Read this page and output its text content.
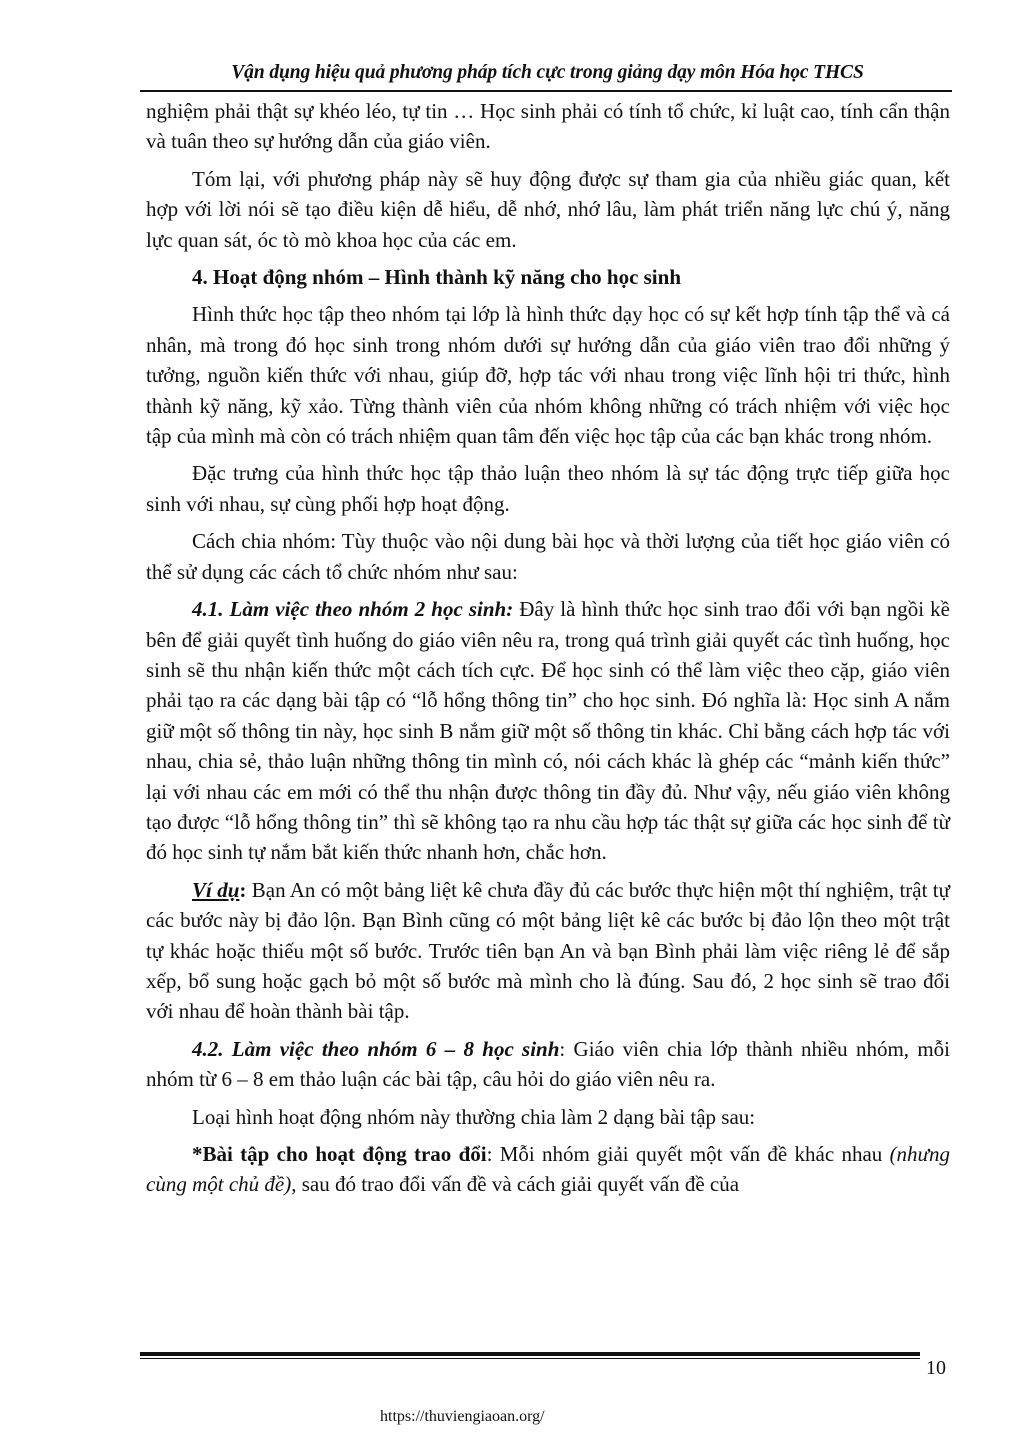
Vận dụng hiệu quả phương pháp tích cực trong giảng dạy môn Hóa học THCS

nghiệm phải thật sự khéo léo, tự tin … Học sinh phải có tính tổ chức, kỉ luật cao, tính cẩn thận và tuân theo sự hướng dẫn của giáo viên.

Tóm lại, với phương pháp này sẽ huy động được sự tham gia của nhiều giác quan, kết hợp với lời nói sẽ tạo điều kiện dễ hiểu, dễ nhớ, nhớ lâu, làm phát triển năng lực chú ý, năng lực quan sát, óc tò mò khoa học của các em.

4. Hoạt động nhóm – Hình thành kỹ năng cho học sinh

Hình thức học tập theo nhóm tại lớp là hình thức dạy học có sự kết hợp tính tập thể và cá nhân, mà trong đó học sinh trong nhóm dưới sự hướng dẫn của giáo viên trao đổi những ý tưởng, nguồn kiến thức với nhau, giúp đỡ, hợp tác với nhau trong việc lĩnh hội tri thức, hình thành kỹ năng, kỹ xảo. Từng thành viên của nhóm không những có trách nhiệm với việc học tập của mình mà còn có trách nhiệm quan tâm đến việc học tập của các bạn khác trong nhóm.

Đặc trưng của hình thức học tập thảo luận theo nhóm là sự tác động trực tiếp giữa học sinh với nhau, sự cùng phối hợp hoạt động.

Cách chia nhóm: Tùy thuộc vào nội dung bài học và thời lượng của tiết học giáo viên có thể sử dụng các cách tổ chức nhóm như sau:

4.1. Làm việc theo nhóm 2 học sinh: Đây là hình thức học sinh trao đổi với bạn ngồi kề bên để giải quyết tình huống do giáo viên nêu ra, trong quá trình giải quyết các tình huống, học sinh sẽ thu nhận kiến thức một cách tích cực. Để học sinh có thể làm việc theo cặp, giáo viên phải tạo ra các dạng bài tập có “lỗ hổng thông tin” cho học sinh. Đó nghĩa là: Học sinh A nắm giữ một số thông tin này, học sinh B nắm giữ một số thông tin khác. Chỉ bằng cách hợp tác với nhau, chia sẻ, thảo luận những thông tin mình có, nói cách khác là ghép các “mảnh kiến thức” lại với nhau các em mới có thể thu nhận được thông tin đầy đủ. Như vậy, nếu giáo viên không tạo được “lỗ hổng thông tin” thì sẽ không tạo ra nhu cầu hợp tác thật sự giữa các học sinh để từ đó học sinh tự nắm bắt kiến thức nhanh hơn, chắc hơn.

Ví dụ: Bạn An có một bảng liệt kê chưa đầy đủ các bước thực hiện một thí nghiệm, trật tự các bước này bị đảo lộn. Bạn Bình cũng có một bảng liệt kê các bước bị đảo lộn theo một trật tự khác hoặc thiếu một số bước. Trước tiên bạn An và bạn Bình phải làm việc riêng lẻ để sắp xếp, bổ sung hoặc gạch bỏ một số bước mà mình cho là đúng. Sau đó, 2 học sinh sẽ trao đổi với nhau để hoàn thành bài tập.

4.2. Làm việc theo nhóm 6 – 8 học sinh: Giáo viên chia lớp thành nhiều nhóm, mỗi nhóm từ 6 – 8 em thảo luận các bài tập, câu hỏi do giáo viên nêu ra.

Loại hình hoạt động nhóm này thường chia làm 2 dạng bài tập sau:

*Bài tập cho hoạt động trao đổi: Mỗi nhóm giải quyết một vấn đề khác nhau (nhưng cùng một chủ đề), sau đó trao đổi vấn đề và cách giải quyết vấn đề của

10
https://thuviengiaoan.org/
